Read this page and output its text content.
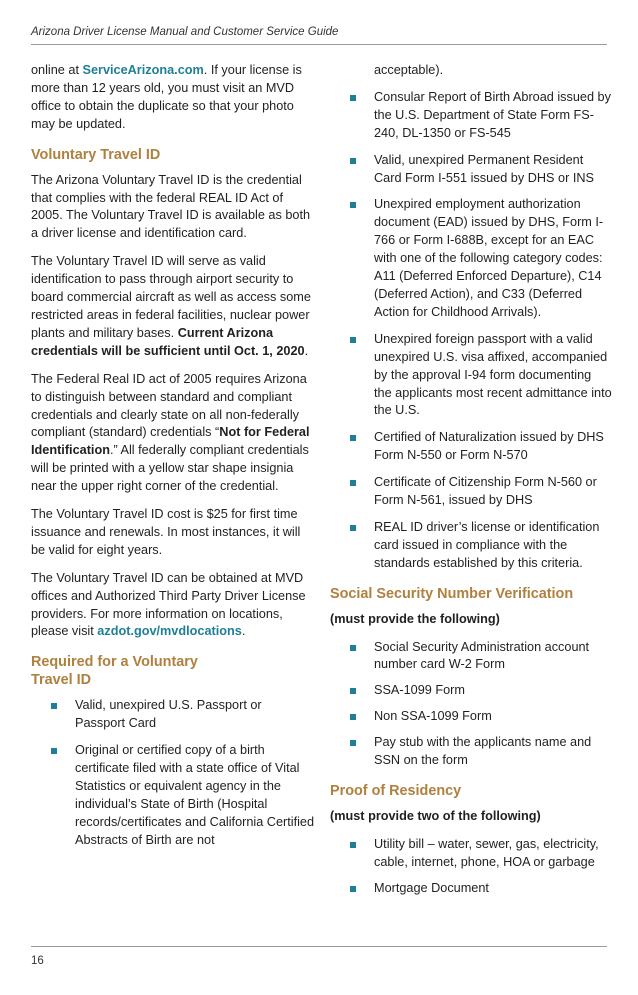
Arizona Driver License Manual and Customer Service Guide

online at ServiceArizona.com. If your license is more than 12 years old, you must visit an MVD office to obtain the duplicate so that your photo may be updated.

Voluntary Travel ID

The Arizona Voluntary Travel ID is the credential that complies with the federal REAL ID Act of 2005. The Voluntary Travel ID is available as both a driver license and identification card.

The Voluntary Travel ID will serve as valid identification to pass through airport security to board commercial aircraft as well as access some restricted areas in federal facilities, nuclear power plants and military bases. Current Arizona credentials will be sufficient until Oct. 1, 2020.

The Federal Real ID act of 2005 requires Arizona to distinguish between standard and compliant credentials and clearly state on all non-federally compliant (standard) credentials “Not for Federal Identification.” All federally compliant credentials will be printed with a yellow star shape insignia near the upper right corner of the credential.

The Voluntary Travel ID cost is $25 for first time issuance and renewals. In most instances, it will be valid for eight years.

The Voluntary Travel ID can be obtained at MVD offices and Authorized Third Party Driver License providers. For more information on locations, please visit azdot.gov/mvdlocations.

Required for a Voluntary Travel ID
Valid, unexpired U.S. Passport or Passport Card
Original or certified copy of a birth certificate filed with a state office of Vital Statistics or equivalent agency in the individual’s State of Birth (Hospital records/certificates and California Certified Abstracts of Birth are not
acceptable).
Consular Report of Birth Abroad issued by the U.S. Department of State Form FS-240, DL-1350 or FS-545
Valid, unexpired Permanent Resident Card Form I-551 issued by DHS or INS
Unexpired employment authorization document (EAD) issued by DHS, Form I-766 or Form I-688B, except for an EAC with one of the following category codes: A11 (Deferred Enforced Departure), C14 (Deferred Action), and C33 (Deferred Action for Childhood Arrivals).
Unexpired foreign passport with a valid unexpired U.S. visa affixed, accompanied by the approval I-94 form documenting the applicants most recent admittance into the U.S.
Certified of Naturalization issued by DHS Form N-550 or Form N-570
Certificate of Citizenship Form N-560 or Form N-561, issued by DHS
REAL ID driver’s license or identification card issued in compliance with the standards established by this criteria.
Social Security Number Verification
(must provide the following)
Social Security Administration account number card W-2 Form
SSA-1099 Form
Non SSA-1099 Form
Pay stub with the applicants name and SSN on the form
Proof of Residency
(must provide two of the following)
Utility bill – water, sewer, gas, electricity, cable, internet, phone, HOA or garbage
Mortgage Document
16
